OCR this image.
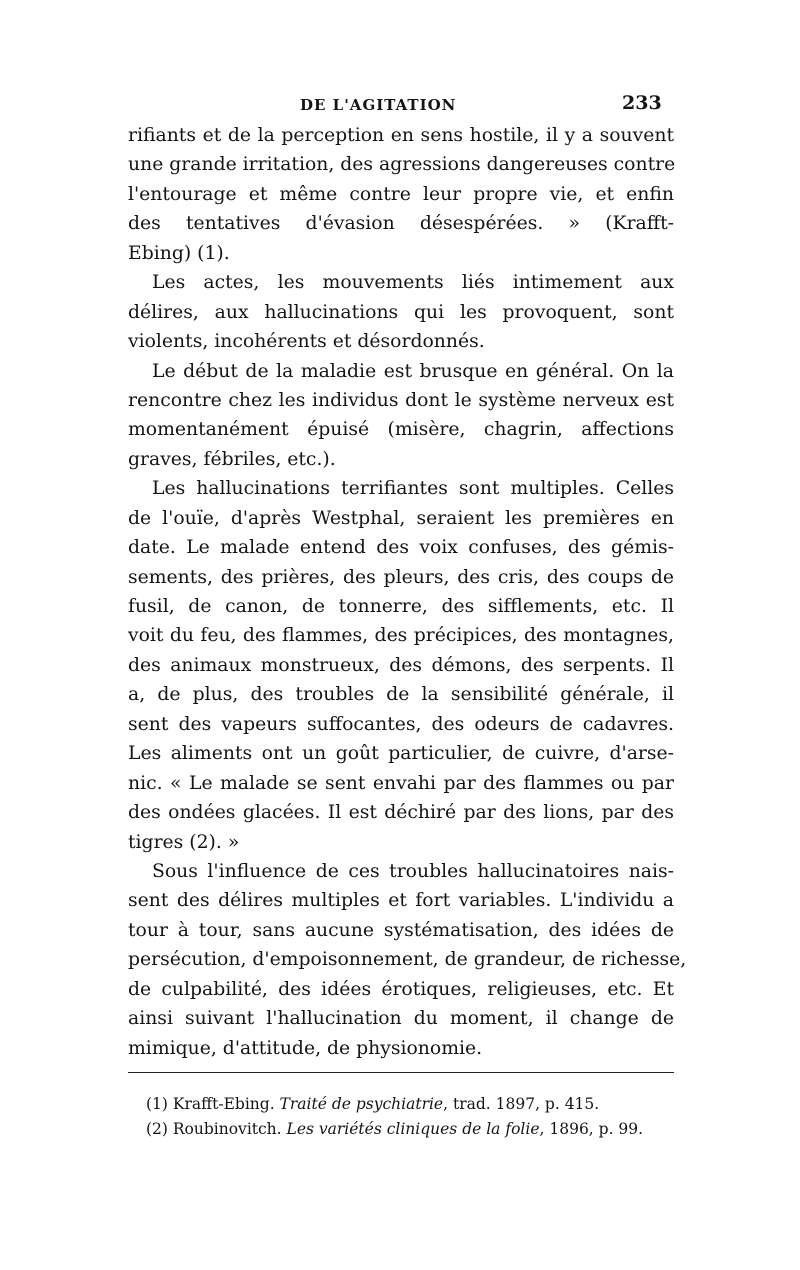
DE L'AGITATION	233
rifiants et de la perception en sens hostile, il y a souvent
une grande irritation, des agressions dangereuses contre
l'entourage et même contre leur propre vie, et enfin
des tentatives d'évasion désespérées. » (Krafft-
Ebing) (1).
Les actes, les mouvements liés intimement aux
délires, aux hallucinations qui les provoquent, sont
violents, incohérents et désordonnés.
Le début de la maladie est brusque en général. On la
rencontre chez les individus dont le système nerveux est
momentanément épuisé (misère, chagrin, affections
graves, fébriles, etc.).
Les hallucinations terrifiantes sont multiples. Celles
de l'ouïe, d'après Westphal, seraient les premières en
date. Le malade entend des voix confuses, des gémis-
sements, des prières, des pleurs, des cris, des coups de
fusil, de canon, de tonnerre, des sifflements, etc. Il
voit du feu, des flammes, des précipices, des montagnes,
des animaux monstrueux, des démons, des serpents. Il
a, de plus, des troubles de la sensibilité générale, il
sent des vapeurs suffocantes, des odeurs de cadavres.
Les aliments ont un goût particulier, de cuivre, d'arse-
nic. « Le malade se sent envahi par des flammes ou par
des ondées glacées. Il est déchiré par des lions, par des
tigres (2). »
Sous l'influence de ces troubles hallucinatoires nais-
sent des délires multiples et fort variables. L'individu a
tour à tour, sans aucune systématisation, des idées de
persécution, d'empoisonnement, de grandeur, de richesse,
de culpabilité, des idées érotiques, religieuses, etc. Et
ainsi suivant l'hallucination du moment, il change de
mimique, d'attitude, de physionomie.
(1) Krafft-Ebing. Traité de psychiatrie, trad. 1897, p. 415.
(2) Roubinovitch. Les variétés cliniques de la folie, 1896, p. 99.
